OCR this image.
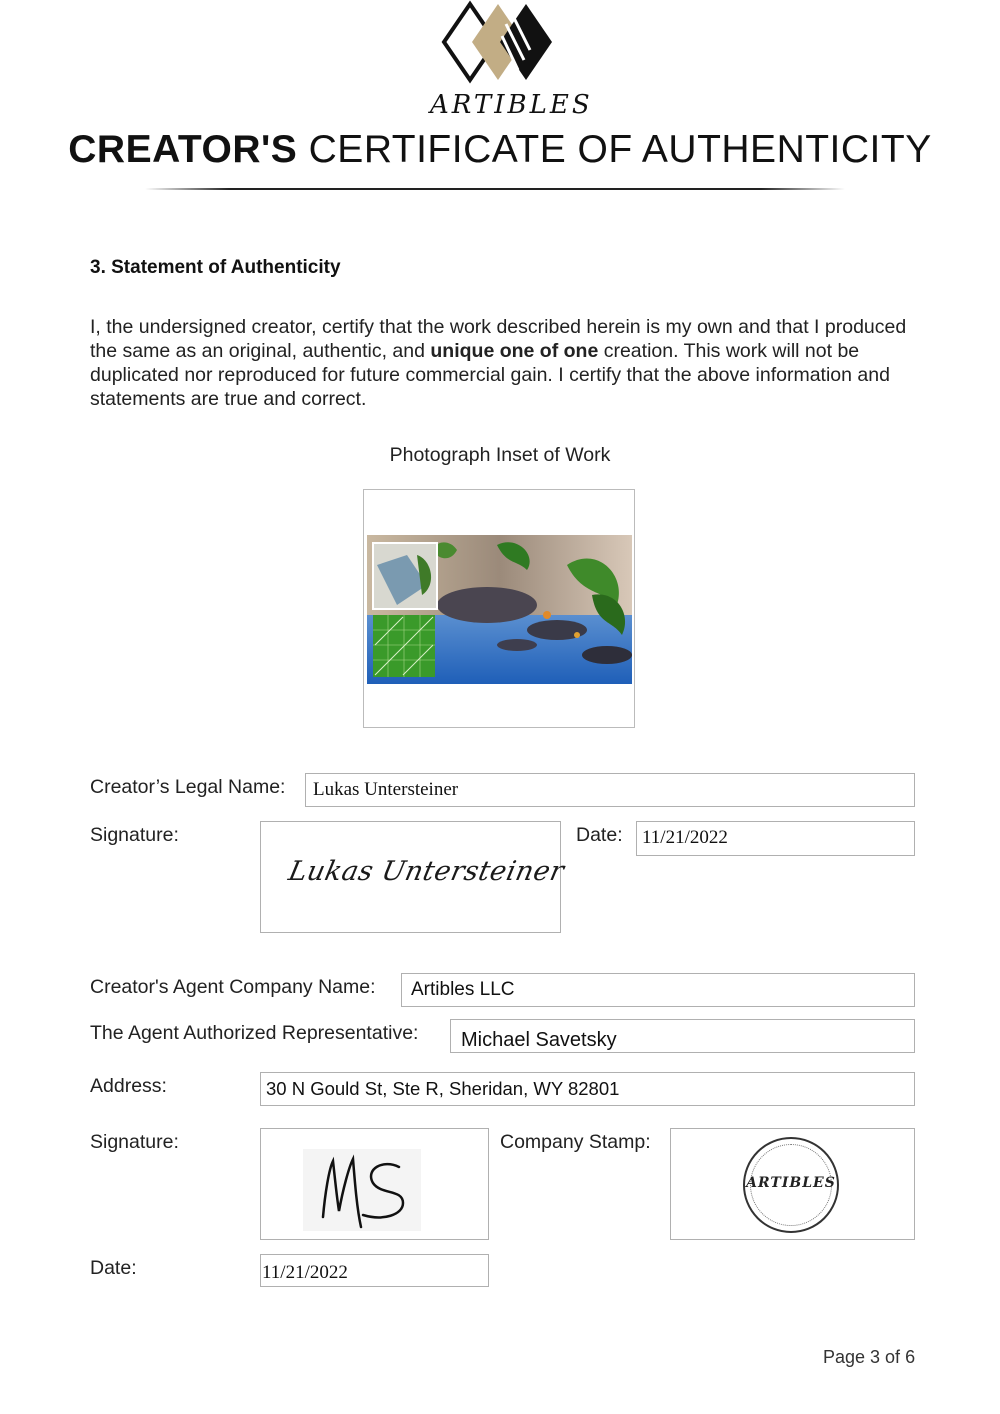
ARTIBLES
CREATOR'S CERTIFICATE OF AUTHENTICITY
3. Statement of Authenticity
I, the undersigned creator, certify that the work described herein is my own and that I produced the same as an original, authentic, and unique one of one creation. This work will not be duplicated nor reproduced for future commercial gain. I certify that the above information and statements are true and correct.
Photograph Inset of Work
Creator’s Legal Name:	Lukas Untersteiner
Signature:
Lukas Untersteiner
Date: 11/21/2022
Creator's Agent Company Name:	Artibles LLC
The Agent Authorized Representative:	Michael Savetsky
Address:	30 N Gould St, Ste R, Sheridan, WY 82801
Signature:	Company Stamp:
ARTIBLES
Date:	11/21/2022
Page 3 of 6
